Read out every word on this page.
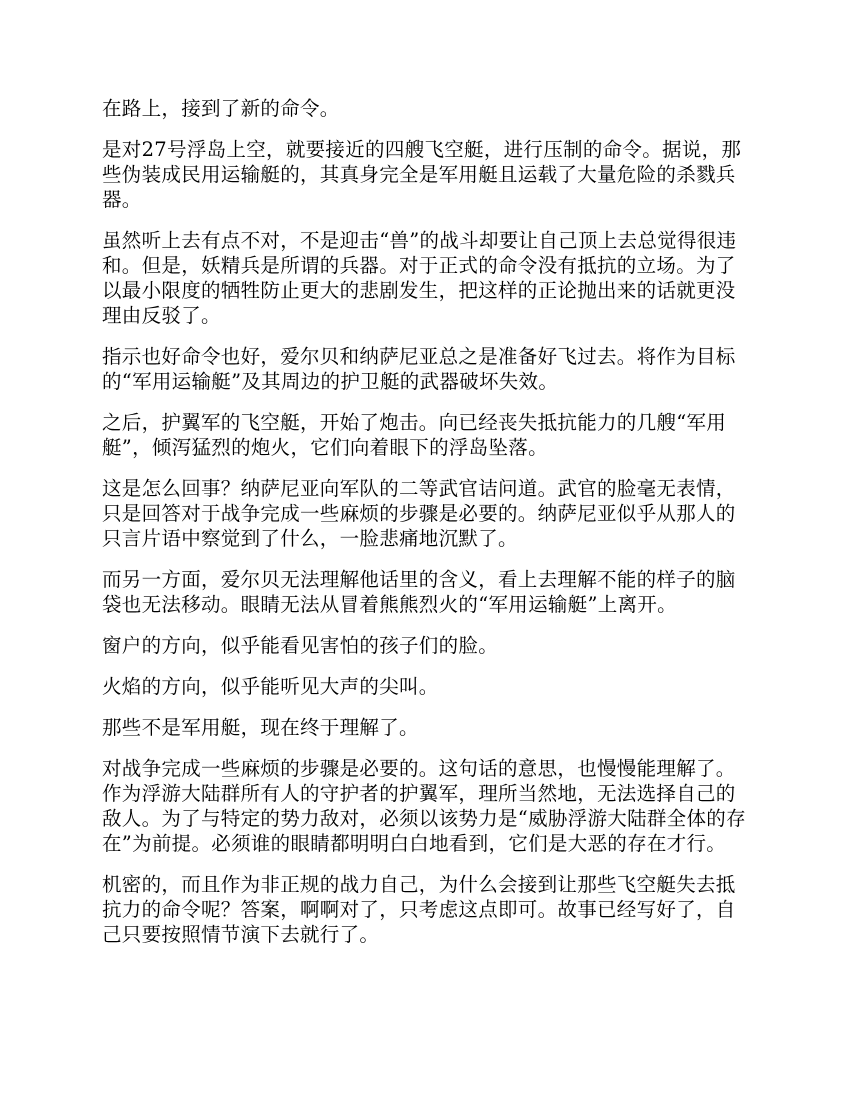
在路上，接到了新的命令。

是对27号浮岛上空，就要接近的四艘飞空艇，进行压制的命令。据说，那些伪装成民用运输艇的，其真身完全是军用艇且运载了大量危险的杀戮兵器。

虽然听上去有点不对，不是迎击“兽”的战斗却要让自己顶上去总觉得很违和。但是，妖精兵是所谓的兵器。对于正式的命令没有抵抗的立场。为了以最小限度的牺牲防止更大的悲剧发生，把这样的正论抛出来的话就更没理由反驳了。

指示也好命令也好，爱尔贝和纳萨尼亚总之是准备好飞过去。将作为目标的“军用运输艇”及其周边的护卫艇的武器破坏失效。

之后，护翼军的飞空艇，开始了炮击。向已经丧失抵抗能力的几艘“军用艇”，倾泻猛烈的炮火，它们向着眼下的浮岛坠落。

这是怎么回事？纳萨尼亚向军队的二等武官诘问道。武官的脸毫无表情，只是回答对于战争完成一些麻烦的步骤是必要的。纳萨尼亚似乎从那人的只言片语中察觉到了什么，一脸悲痛地沉默了。

而另一方面，爱尔贝无法理解他话里的含义，看上去理解不能的样子的脑袋也无法移动。眼睛无法从冒着熊熊烈火的“军用运输艇”上离开。

窗户的方向，似乎能看见害怕的孩子们的脸。

火焰的方向，似乎能听见大声的尖叫。

那些不是军用艇，现在终于理解了。

对战争完成一些麻烦的步骤是必要的。这句话的意思，也慢慢能理解了。作为浮游大陆群所有人的守护者的护翼军，理所当然地，无法选择自己的敌人。为了与特定的势力敌对，必须以该势力是“威胁浮游大陆群全体的存在”为前提。必须谁的眼睛都明明白白地看到，它们是大恶的存在才行。

机密的，而且作为非正规的战力自己，为什么会接到让那些飞空艇失去抵抗力的命令呢？答案，啊啊对了，只考虑这点即可。故事已经写好了，自己只要按照情节演下去就行了。
